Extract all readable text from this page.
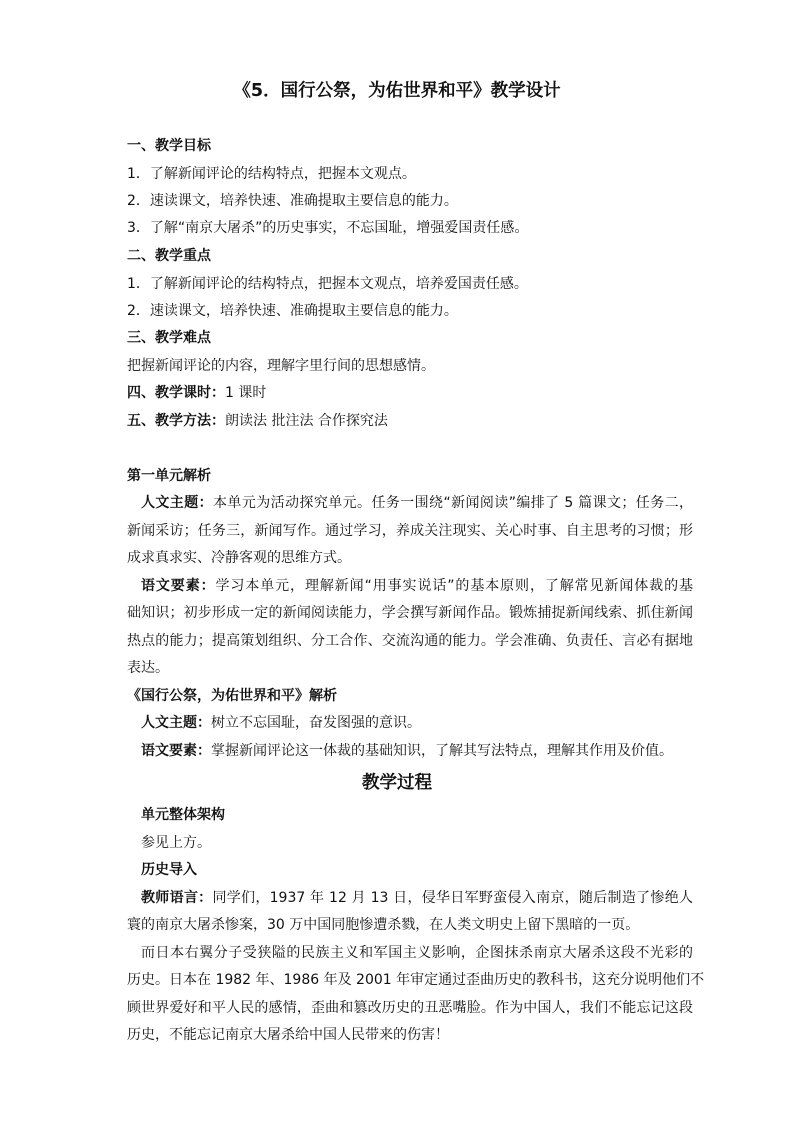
《5．国行公祭，为佑世界和平》教学设计
一、教学目标
1．了解新闻评论的结构特点，把握本文观点。
2．速读课文，培养快速、准确提取主要信息的能力。
3．了解“南京大屠杀”的历史事实，不忘国耻，增强爱国责任感。
二、教学重点
1．了解新闻评论的结构特点，把握本文观点，培养爱国责任感。
2．速读课文，培养快速、准确提取主要信息的能力。
三、教学难点
把握新闻评论的内容，理解字里行间的思想感情。
四、教学课时：1 课时
五、教学方法：朗读法 批注法 合作探究法
第一单元解析
人文主题：本单元为活动探究单元。任务一围绕“新闻阅读”编排了 5 篇课文；任务二，
新闻采访；任务三，新闻写作。通过学习，养成关注现实、关心时事、自主思考的习惯；形
成求真求实、冷静客观的思维方式。
语文要素：学习本单元，理解新闻“用事实说话”的基本原则，了解常见新闻体裁的基
础知识；初步形成一定的新闻阅读能力，学会撰写新闻作品。锻炼捕捉新闻线索、抓住新闻
热点的能力；提高策划组织、分工合作、交流沟通的能力。学会准确、负责任、言必有据地
表达。
《国行公祭，为佑世界和平》解析
人文主题：树立不忘国耻，奋发图强的意识。
语文要素：掌握新闻评论这一体裁的基础知识，了解其写法特点，理解其作用及价值。
教学过程
单元整体架构
参见上方。
历史导入
教师语言：同学们，1937 年 12 月 13 日，侵华日军野蛮侵入南京，随后制造了惨绝人
寰的南京大屠杀惨案，30 万中国同胞惨遭杀戮，在人类文明史上留下黑暗的一页。
而日本右翼分子受狭隘的民族主义和军国主义影响，企图抹杀南京大屠杀这段不光彩的
历史。日本在 1982 年、1986 年及 2001 年审定通过歪曲历史的教科书，这充分说明他们不
顾世界爱好和平人民的感情，歪曲和篡改历史的丑恶嘴脸。作为中国人，我们不能忘记这段
历史，不能忘记南京大屠杀给中国人民带来的伤害！
